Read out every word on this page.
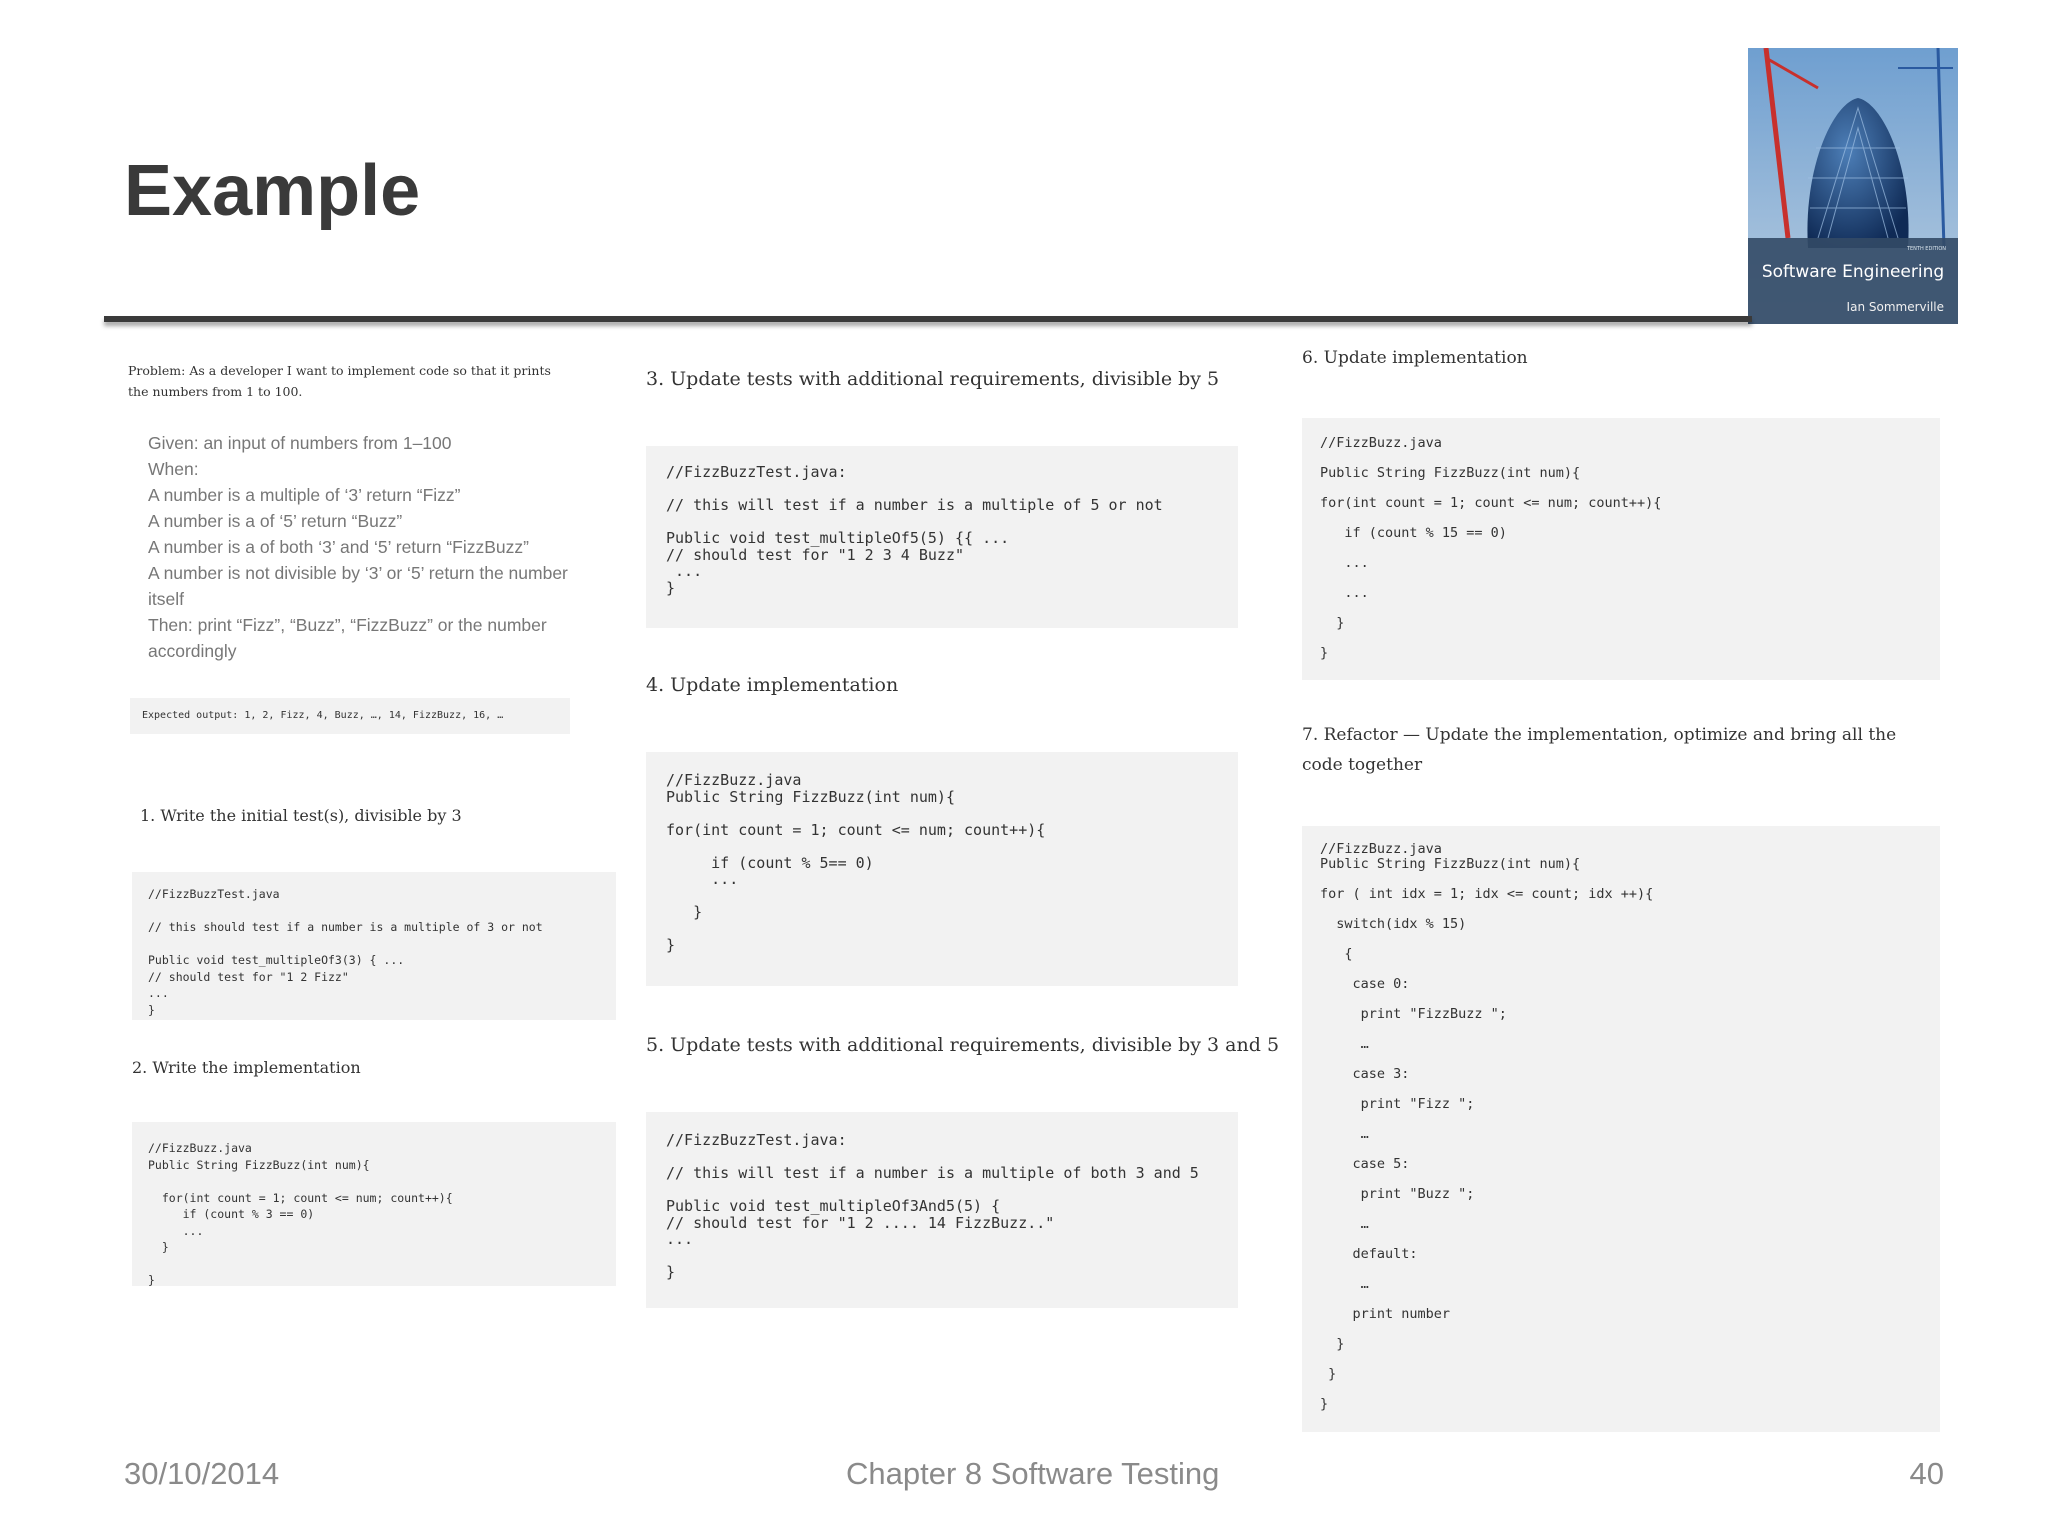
Example
Software Engineering
TENTH EDITION
Ian Sommerville

Problem: As a developer I want to implement code so that it prints the numbers from 1 to 100.

Given: an input of numbers from 1–100
When:
A number is a multiple of ‘3’ return “Fizz”
A number is a of ‘5’ return “Buzz”
A number is a of both ‘3’ and ‘5’ return “FizzBuzz”
A number is not divisible by ‘3’ or ‘5’ return the number itself
Then: print “Fizz”, “Buzz”, “FizzBuzz” or the number accordingly
Expected output: 1, 2, Fizz, 4, Buzz, …, 14, FizzBuzz, 16, …

1. Write the initial test(s), divisible by 3

//FizzBuzzTest.java

// this should test if a number is a multiple of 3 or not

Public void test_multipleOf3(3) { ...
// should test for "1 2 Fizz"
...
}

2. Write the implementation

//FizzBuzz.java
Public String FizzBuzz(int num){

for(int count = 1; count <= num; count++){
if (count % 3 == 0)
...
}

}

3. Update tests with additional requirements, divisible by 5

//FizzBuzzTest.java:

// this will test if a number is a multiple of 5 or not

Public void test_multipleOf5(5) {{ ...
// should test for "1 2 3 4 Buzz"
...
}

4. Update implementation

//FizzBuzz.java
Public String FizzBuzz(int num){

for(int count = 1; count <= num; count++){

if (count % 5== 0)
...

}

}

5. Update tests with additional requirements, divisible by 3 and 5

//FizzBuzzTest.java:

// this will test if a number is a multiple of both 3 and 5

Public void test_multipleOf3And5(5) {
// should test for "1 2 .... 14 FizzBuzz.."
...

}

6. Update implementation

//FizzBuzz.java

Public String FizzBuzz(int num){

for(int count = 1; count <= num; count++){

if (count % 15 == 0)

...

...

}

}

7. Refactor — Update the implementation, optimize and bring all the code together

//FizzBuzz.java
Public String FizzBuzz(int num){

for ( int idx = 1; idx <= count; idx ++){

switch(idx % 15)

{

case 0:

print "FizzBuzz ";

…

case 3:

print "Fizz ";

…

case 5:

print "Buzz ";

…

default:

…

print number

}

}

}
30/10/2014	Chapter 8 Software Testing	40
